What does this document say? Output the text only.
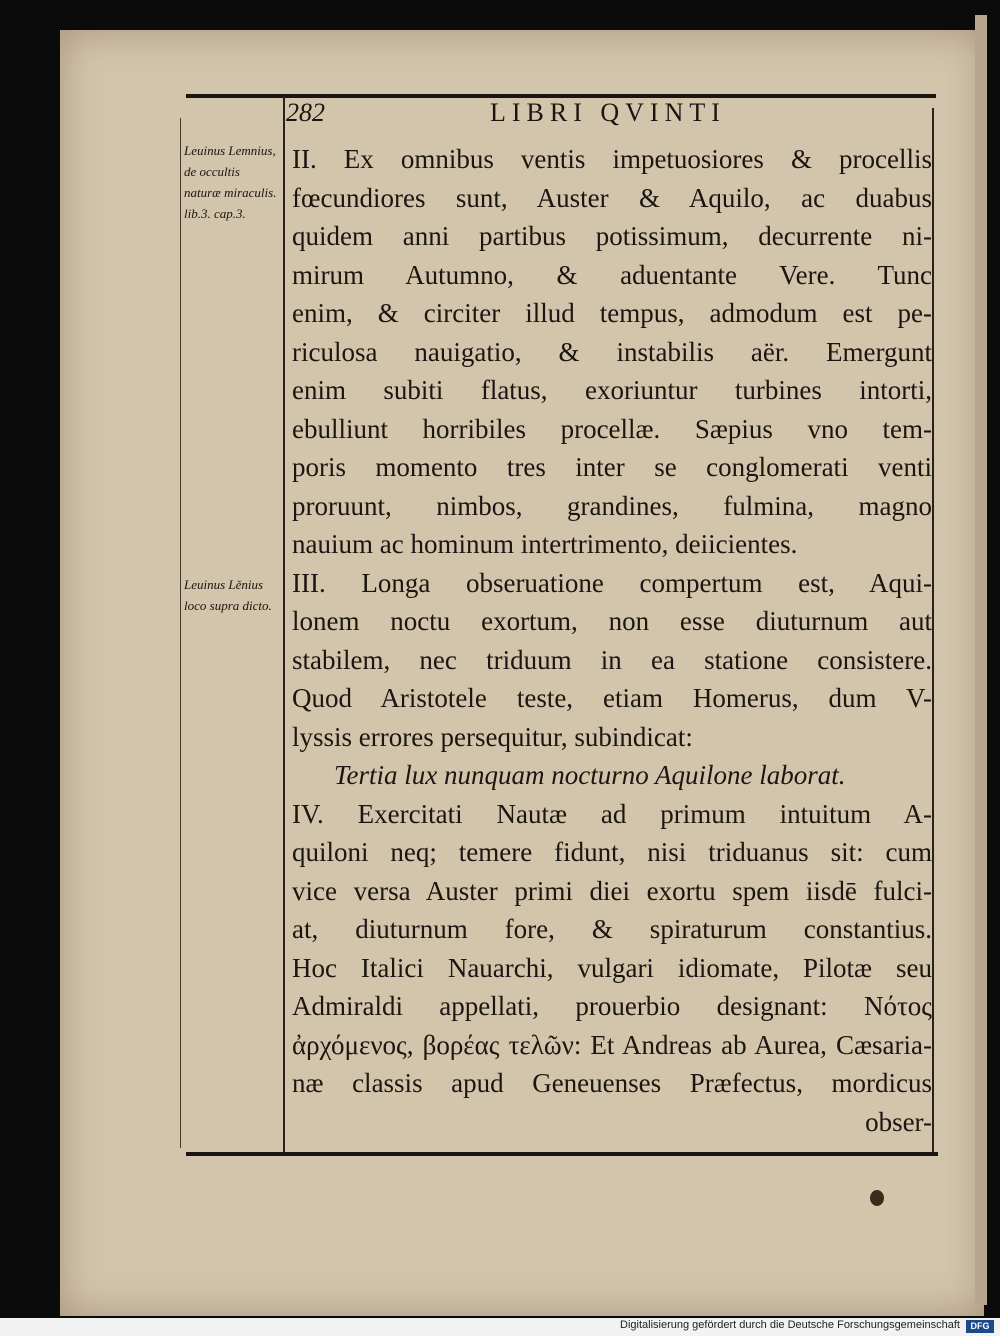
282	LIBRI QVINTI
Leuinus Lemnius, de occultis naturæ miraculis. lib.3. cap.3.
Leuinus Lěnius loco supra dicto.
II. Ex omnibus ventis impetuosiores & procellis
fœcundiores sunt, Auster & Aquilo, ac duabus
quidem anni partibus potissimum, decurrente ni-
mirum Autumno, & aduentante Vere. Tunc
enim, & circiter illud tempus, admodum est pe-
riculosa nauigatio, & instabilis aër. Emergunt
enim subiti flatus, exoriuntur turbines intorti,
ebulliunt horribiles procellæ. Sæpius vno tem-
poris momento tres inter se conglomerati venti
proruunt, nimbos, grandines, fulmina, magno
nauium ac hominum intertrimento, deiicientes.
III. Longa obseruatione compertum est, Aqui-
lonem noctu exortum, non esse diuturnum aut
stabilem, nec triduum in ea statione consistere.
Quod Aristotele teste, etiam Homerus, dum V-
lyssis errores persequitur, subindicat:
Tertia lux nunquam nocturno Aquilone laborat.
IV. Exercitati Nautæ ad primum intuitum A-
quiloni neq; temere fidunt, nisi triduanus sit: cum
vice versa Auster primi diei exortu spem iisdē fulci-
at, diuturnum fore, & spiraturum constantius.
Hoc Italici Nauarchi, vulgari idiomate, Pilotæ seu
Admiraldi appellati, prouerbio designant: Νότος
ἀρχόμενος, βορέας τελῶν: Et Andreas ab Aurea, Cæsaria-
næ classis apud Geneuenses Præfectus, mordicus
obser-
Digitalisierung gefördert durch die Deutsche Forschungsgemeinschaft	DFG
